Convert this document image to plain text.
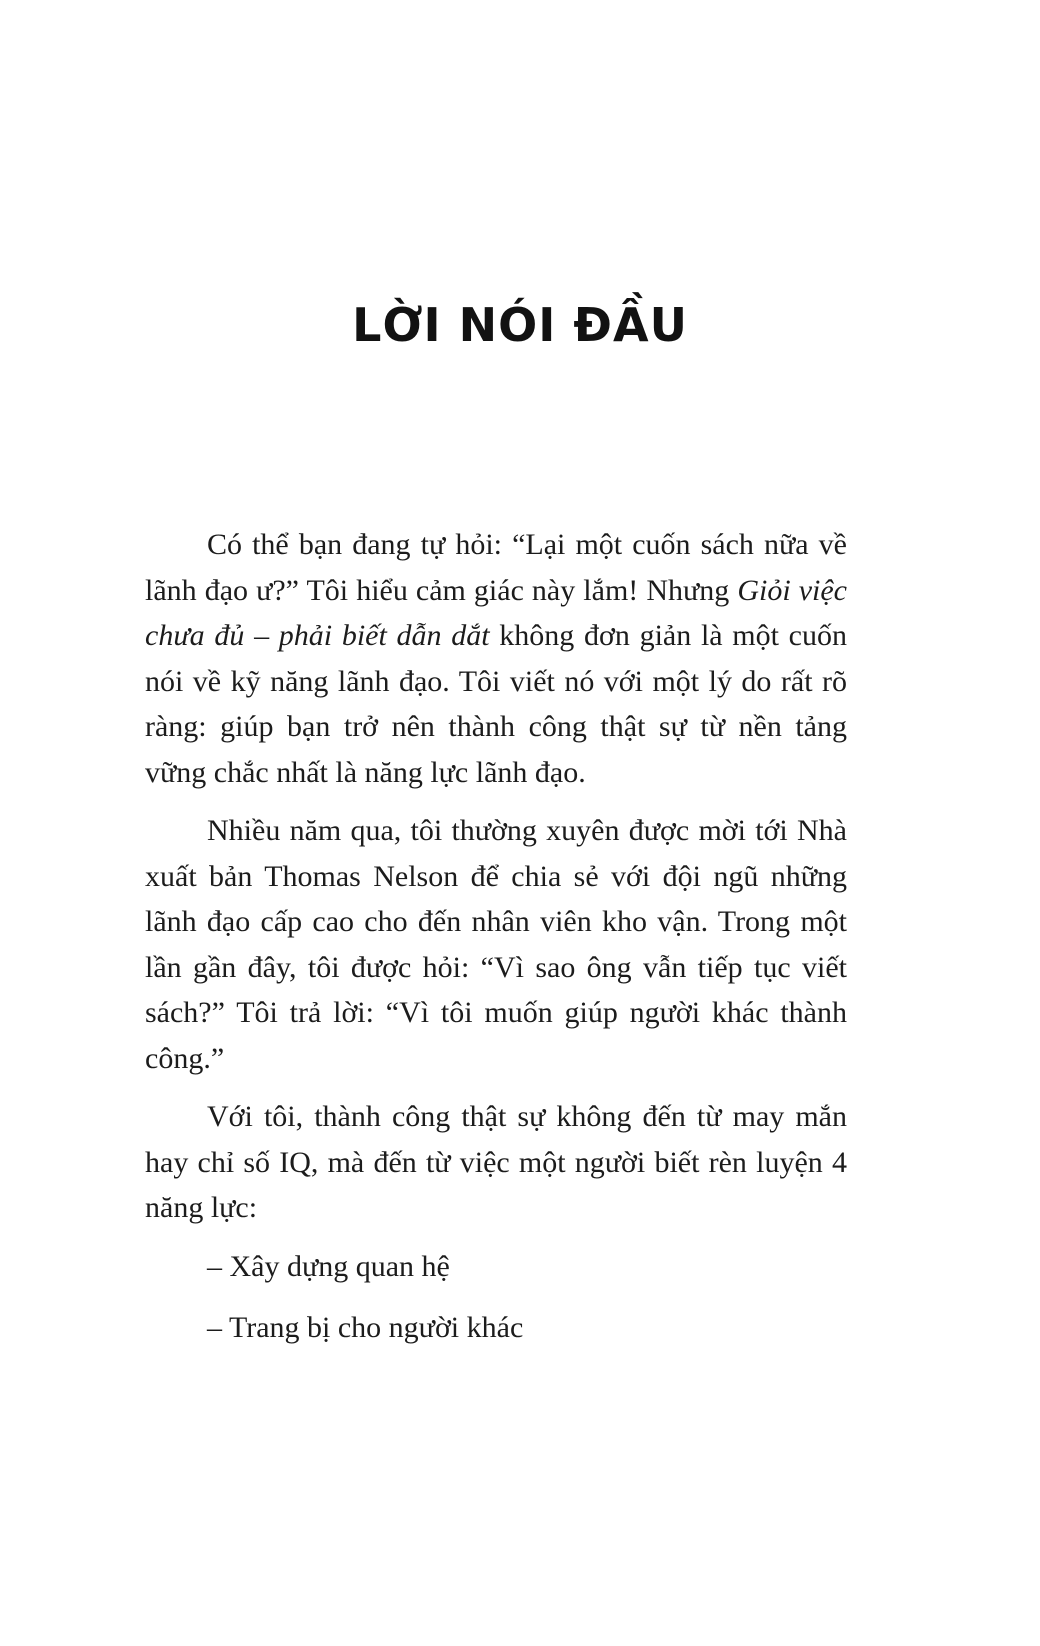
LỜI NÓI ĐẦU

Có thể bạn đang tự hỏi: “Lại một cuốn sách nữa về lãnh đạo ư?” Tôi hiểu cảm giác này lắm! Nhưng Giỏi việc chưa đủ – phải biết dẫn dắt không đơn giản là một cuốn nói về kỹ năng lãnh đạo. Tôi viết nó với một lý do rất rõ ràng: giúp bạn trở nên thành công thật sự từ nền tảng vững chắc nhất là năng lực lãnh đạo.

Nhiều năm qua, tôi thường xuyên được mời tới Nhà xuất bản Thomas Nelson để chia sẻ với đội ngũ những lãnh đạo cấp cao cho đến nhân viên kho vận. Trong một lần gần đây, tôi được hỏi: “Vì sao ông vẫn tiếp tục viết sách?” Tôi trả lời: “Vì tôi muốn giúp người khác thành công.”

Với tôi, thành công thật sự không đến từ may mắn hay chỉ số IQ, mà đến từ việc một người biết rèn luyện 4 năng lực:

– Xây dựng quan hệ

– Trang bị cho người khác
